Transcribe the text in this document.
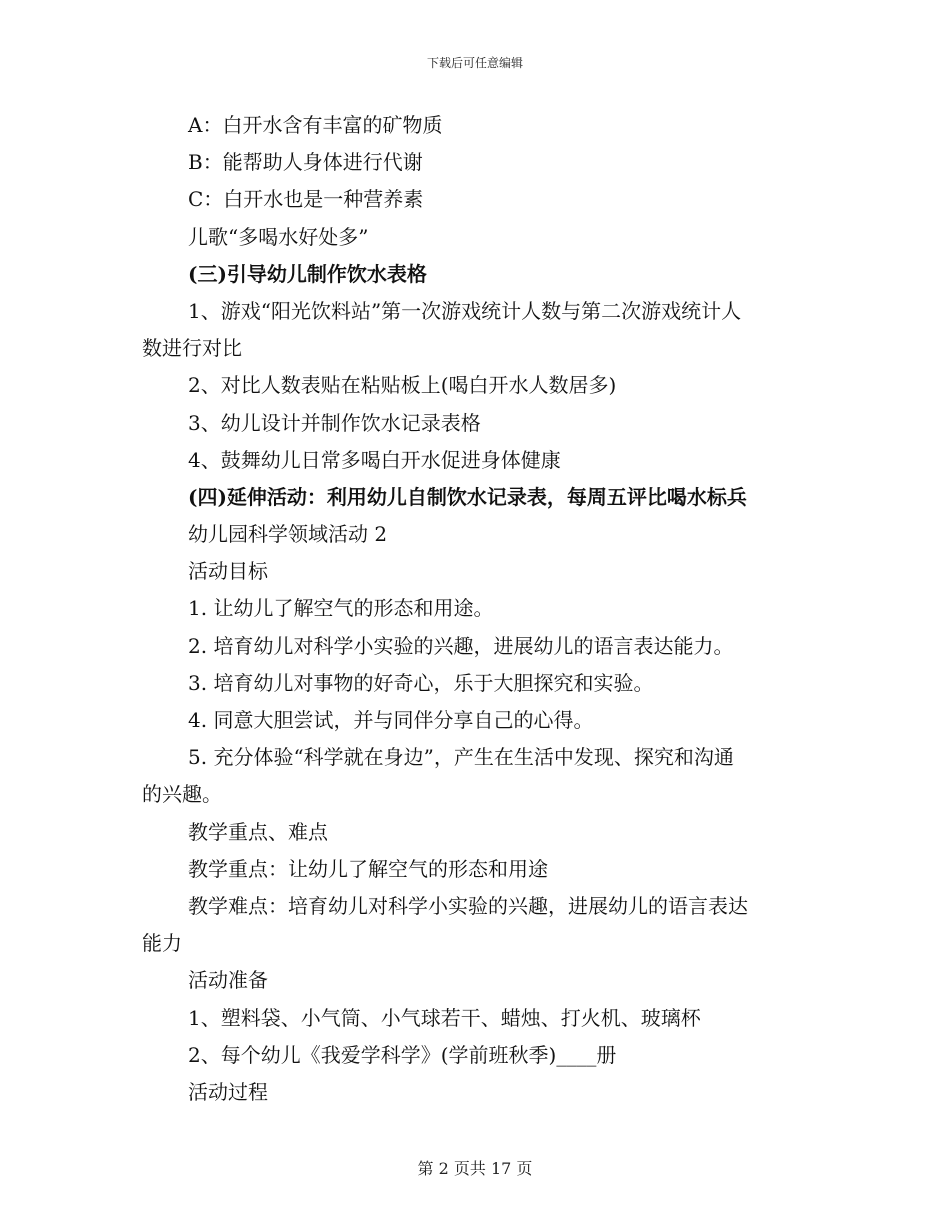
下载后可任意编辑
A：白开水含有丰富的矿物质
B：能帮助人身体进行代谢
C：白开水也是一种营养素
儿歌“多喝水好处多”
(三)引导幼儿制作饮水表格
1、游戏“阳光饮料站”第一次游戏统计人数与第二次游戏统计人
数进行对比
2、对比人数表贴在粘贴板上(喝白开水人数居多)
3、幼儿设计并制作饮水记录表格
4、鼓舞幼儿日常多喝白开水促进身体健康
(四)延伸活动：利用幼儿自制饮水记录表，每周五评比喝水标兵
幼儿园科学领域活动 2
活动目标
1. 让幼儿了解空气的形态和用途。
2. 培育幼儿对科学小实验的兴趣，进展幼儿的语言表达能力。
3. 培育幼儿对事物的好奇心，乐于大胆探究和实验。
4. 同意大胆尝试，并与同伴分享自己的心得。
5. 充分体验“科学就在身边”，产生在生活中发现、探究和沟通
的兴趣。
教学重点、难点
教学重点：让幼儿了解空气的形态和用途
教学难点：培育幼儿对科学小实验的兴趣，进展幼儿的语言表达
能力
活动准备
1、塑料袋、小气筒、小气球若干、蜡烛、打火机、玻璃杯
2、每个幼儿《我爱学科学》(学前班秋季)____册
活动过程
第 2 页共 17 页
